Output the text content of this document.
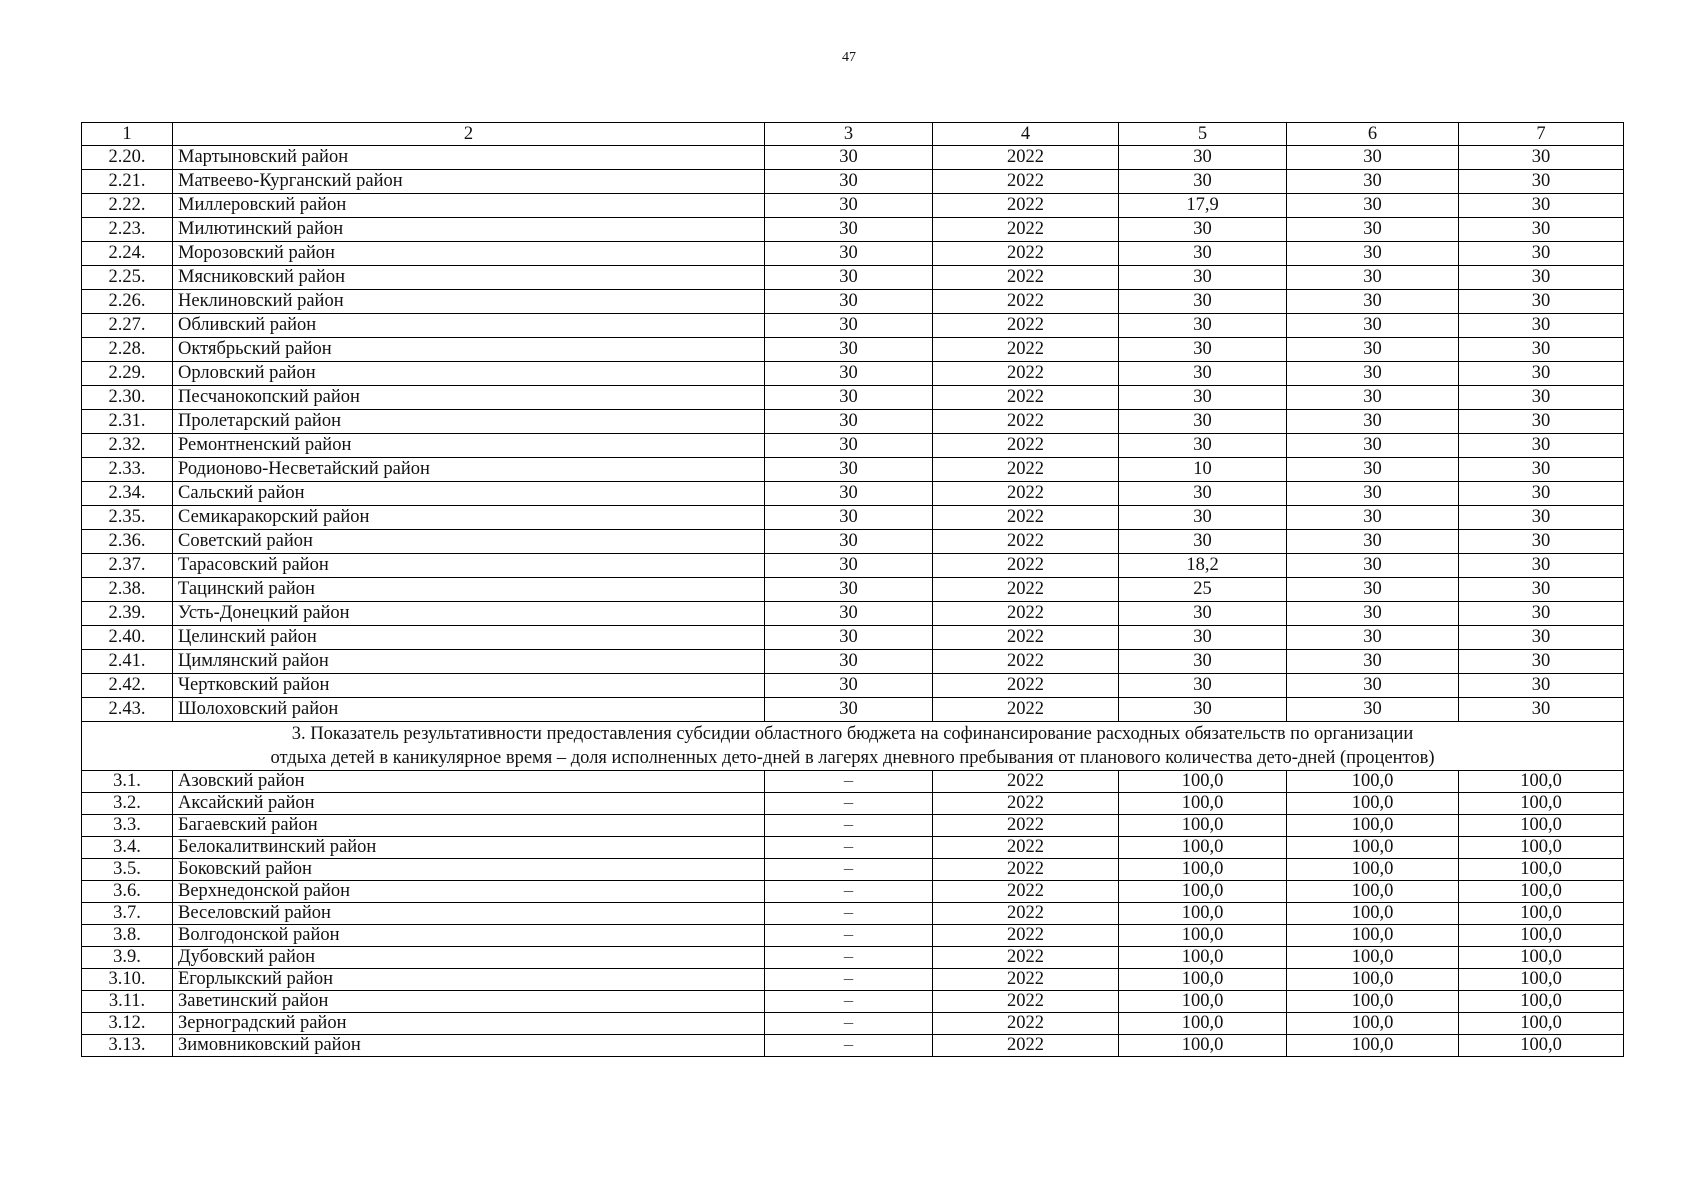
47
1	2	3	4	5	6	7
2.20.	Мартыновский район	30	2022	30	30	30
2.21.	Матвеево-Курганский район	30	2022	30	30	30
2.22.	Миллеровский район	30	2022	17,9	30	30
2.23.	Милютинский район	30	2022	30	30	30
2.24.	Морозовский район	30	2022	30	30	30
2.25.	Мясниковский район	30	2022	30	30	30
2.26.	Неклиновский район	30	2022	30	30	30
2.27.	Обливский район	30	2022	30	30	30
2.28.	Октябрьский район	30	2022	30	30	30
2.29.	Орловский район	30	2022	30	30	30
2.30.	Песчанокопский район	30	2022	30	30	30
2.31.	Пролетарский район	30	2022	30	30	30
2.32.	Ремонтненский район	30	2022	30	30	30
2.33.	Родионово-Несветайский район	30	2022	10	30	30
2.34.	Сальский район	30	2022	30	30	30
2.35.	Семикаракорский район	30	2022	30	30	30
2.36.	Советский район	30	2022	30	30	30
2.37.	Тарасовский район	30	2022	18,2	30	30
2.38.	Тацинский район	30	2022	25	30	30
2.39.	Усть-Донецкий район	30	2022	30	30	30
2.40.	Целинский район	30	2022	30	30	30
2.41.	Цимлянский район	30	2022	30	30	30
2.42.	Чертковский район	30	2022	30	30	30
2.43.	Шолоховский район	30	2022	30	30	30
3. Показатель результативности предоставления субсидии областного бюджета на софинансирование расходных обязательств по организации
отдыха детей в каникулярное время – доля исполненных дето-дней в лагерях дневного пребывания от планового количества дето-дней (процентов)						
3.1.	Азовский район	–	2022	100,0	100,0	100,0
3.2.	Аксайский район	–	2022	100,0	100,0	100,0
3.3.	Багаевский район	–	2022	100,0	100,0	100,0
3.4.	Белокалитвинский район	–	2022	100,0	100,0	100,0
3.5.	Боковский район	–	2022	100,0	100,0	100,0
3.6.	Верхнедонской район	–	2022	100,0	100,0	100,0
3.7.	Веселовский район	–	2022	100,0	100,0	100,0
3.8.	Волгодонской район	–	2022	100,0	100,0	100,0
3.9.	Дубовский район	–	2022	100,0	100,0	100,0
3.10.	Егорлыкский район	–	2022	100,0	100,0	100,0
3.11.	Заветинский район	–	2022	100,0	100,0	100,0
3.12.	Зерноградский район	–	2022	100,0	100,0	100,0
3.13.	Зимовниковский район	–	2022	100,0	100,0	100,0
